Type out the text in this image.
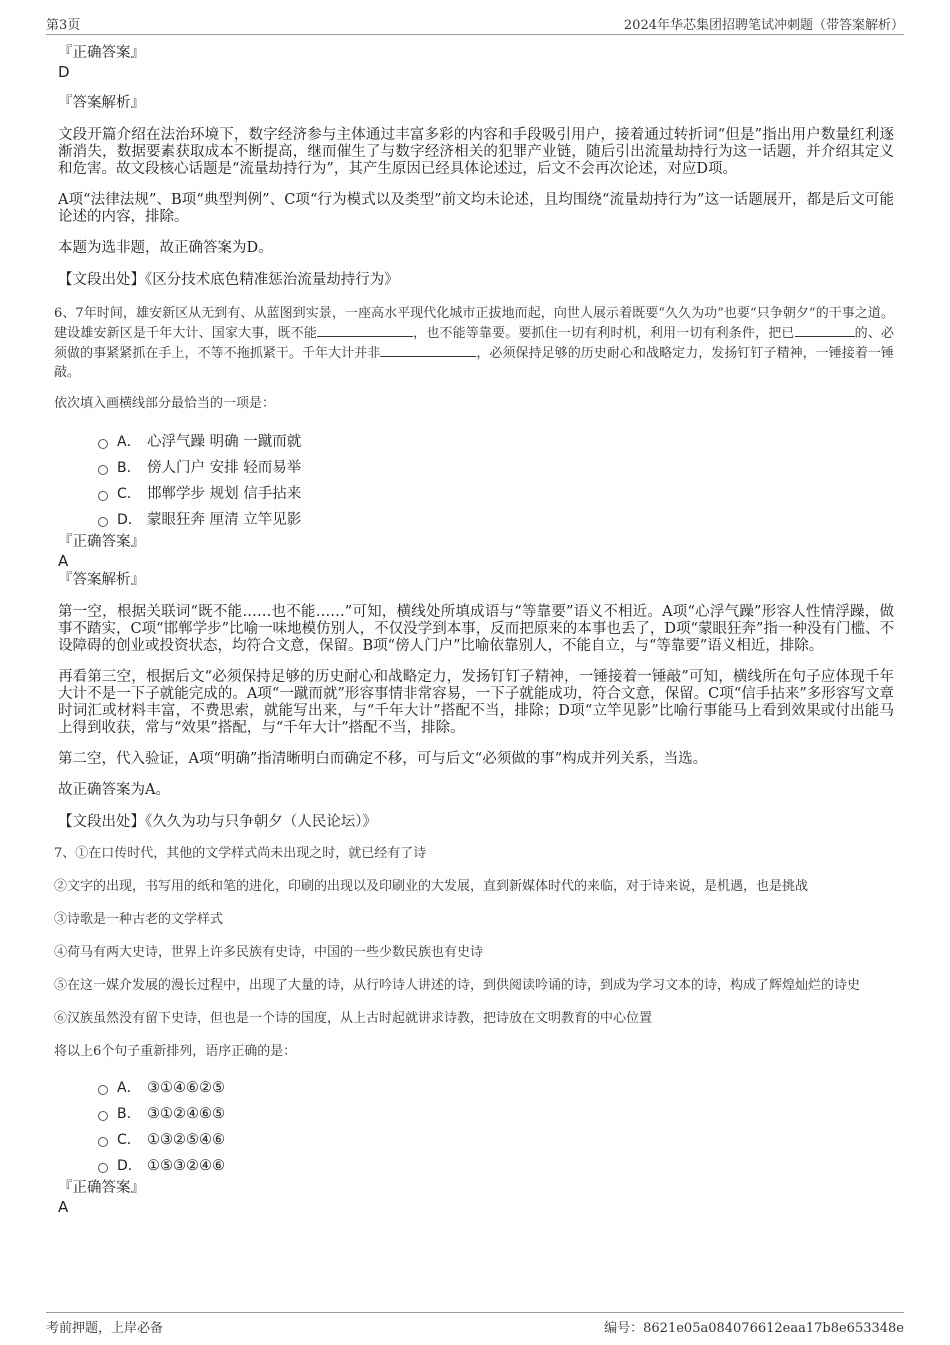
第3页	2024年华芯集团招聘笔试冲刺题（带答案解析）

『正确答案』

D

『答案解析』

文段开篇介绍在法治环境下，数字经济参与主体通过丰富多彩的内容和手段吸引用户，接着通过转折词“但是”指出用户数量红利逐渐消失，数据要素获取成本不断提高，继而催生了与数字经济相关的犯罪产业链，随后引出流量劫持行为这一话题，并介绍其定义和危害。故文段核心话题是“流量劫持行为”，其产生原因已经具体论述过，后文不会再次论述，对应D项。

A项“法律法规”、B项“典型判例”、C项“行为模式以及类型”前文均未论述，且均围绕“流量劫持行为”这一话题展开，都是后文可能论述的内容，排除。

本题为选非题，故正确答案为D。

【文段出处】《区分技术底色精准惩治流量劫持行为》

6、7年时间，雄安新区从无到有、从蓝图到实景，一座高水平现代化城市正拔地而起，向世人展示着既要“久久为功”也要“只争朝夕”的干事之道。建设雄安新区是千年大计、国家大事，既不能	，也不能等靠要。要抓住一切有利时机，利用一切有利条件，把已	的、必须做的事紧紧抓在手上，不等不拖抓紧干。千年大计并非	，必须保持足够的历史耐心和战略定力，发扬钉钉子精神，一锤接着一锤敲。

依次填入画横线部分最恰当的一项是：

A． 心浮气躁 明确 一蹴而就
B.	傍人门户 安排 轻而易举
C． 邯郸学步 规划 信手拈来
D． 蒙眼狂奔 厘清 立竿见影

『正确答案』

A

『答案解析』

第一空，根据关联词“既不能……也不能……”可知，横线处所填成语与“等靠要”语义不相近。A项“心浮气躁”形容人性情浮躁，做事不踏实，C项“邯郸学步”比喻一味地模仿别人，不仅没学到本事，反而把原来的本事也丢了，D项“蒙眼狂奔”指一种没有门槛、不设障碍的创业或投资状态，均符合文意，保留。B项“傍人门户”比喻依靠别人，不能自立，与“等靠要”语义相近，排除。

再看第三空，根据后文“必须保持足够的历史耐心和战略定力，发扬钉钉子精神，一锤接着一锤敲”可知，横线所在句子应体现千年大计不是一下子就能完成的。A项“一蹴而就”形容事情非常容易，一下子就能成功，符合文意，保留。C项“信手拈来”多形容写文章时词汇或材料丰富，不费思索，就能写出来，与“千年大计”搭配不当，排除；D项“立竿见影”比喻行事能马上看到效果或付出能马上得到收获，常与“效果”搭配，与“千年大计”搭配不当，排除。

第二空，代入验证，A项“明确”指清晰明白而确定不移，可与后文“必须做的事”构成并列关系，当选。

故正确答案为A。

【文段出处】《久久为功与只争朝夕（人民论坛）》

7、①在口传时代，其他的文学样式尚未出现之时，就已经有了诗

②文字的出现，书写用的纸和笔的进化，印刷的出现以及印刷业的大发展，直到新媒体时代的来临，对于诗来说，是机遇，也是挑战

③诗歌是一种古老的文学样式

④荷马有两大史诗，世界上许多民族有史诗，中国的一些少数民族也有史诗

⑤在这一媒介发展的漫长过程中，出现了大量的诗，从行吟诗人讲述的诗，到供阅读吟诵的诗，到成为学习文本的诗，构成了辉煌灿烂的诗史

⑥汉族虽然没有留下史诗，但也是一个诗的国度，从上古时起就讲求诗教，把诗放在文明教育的中心位置

将以上6个句子重新排列，语序正确的是：

A． ③①④⑥②⑤
B.	③①②④⑥⑤
C． ①③②⑤④⑥
D． ①⑤③②④⑥

『正确答案』

A

考前押题，上岸必备	编号：8621e05a084076612eaa17b8e653348e
